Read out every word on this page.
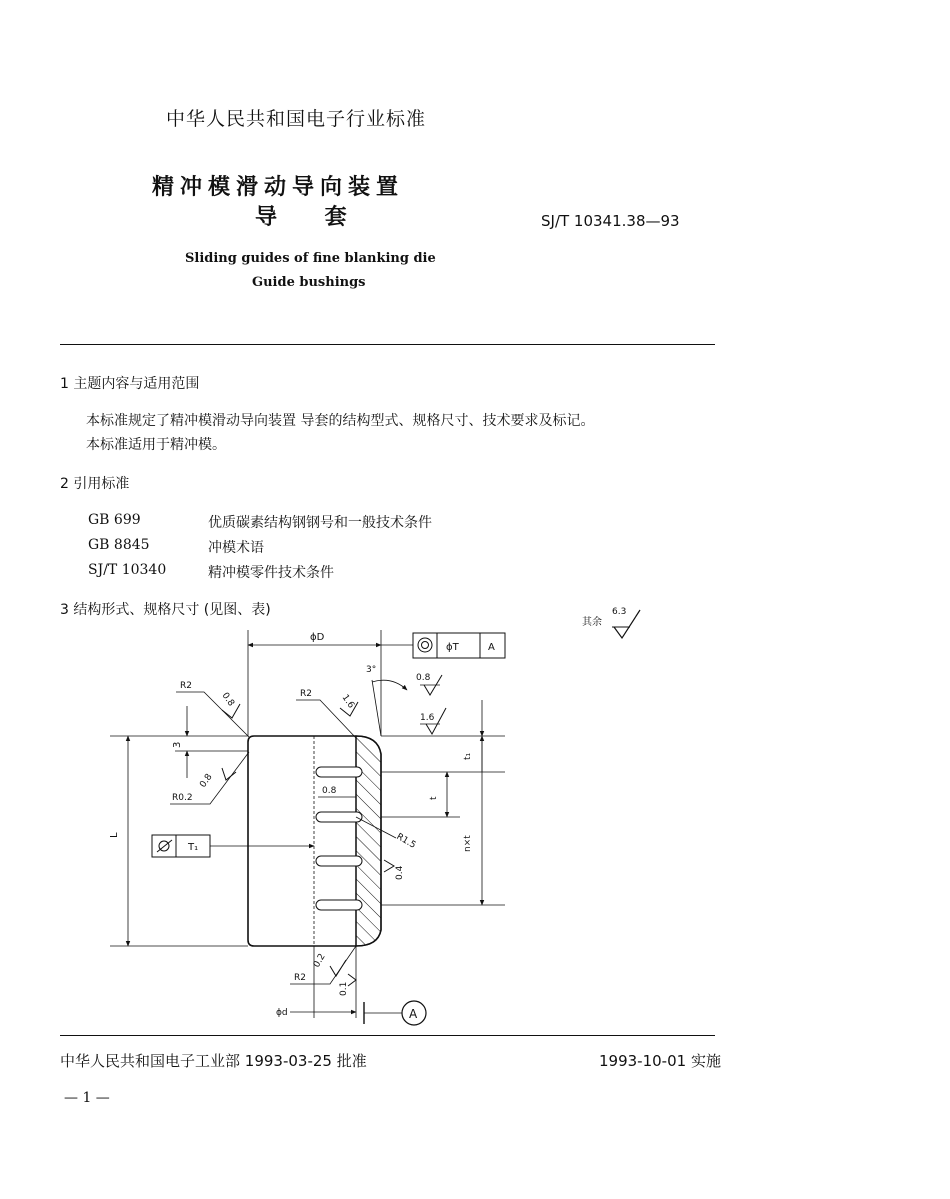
中华人民共和国电子行业标准
精冲模滑动导向装置
导 套	SJ/T 10341.38—93
Sliding guides of fine blanking die
Guide bushings
1 主题内容与适用范围
本标准规定了精冲模滑动导向装置 导套的结构型式、规格尺寸、技术要求及标记。
本标准适用于精冲模。
2 引用标准
GB 699	优质碳素结构钢钢号和一般技术条件
GB 8845	冲模术语
SJ/T 10340	精冲模零件技术条件
3 结构形式、规格尺寸 (见图、表)
其余
6.3
L
3
ϕD
ϕT	A
3°
0.8
1.6
R2
0.8	R2	1.6
R0.2
0.8
0.8
R1.5
0.4
t₁
t
n×t
T₁
R2
0.2
0.1
ϕd	A
中华人民共和国电子工业部 1993-03-25 批准	1993-10-01 实施
— 1 —
